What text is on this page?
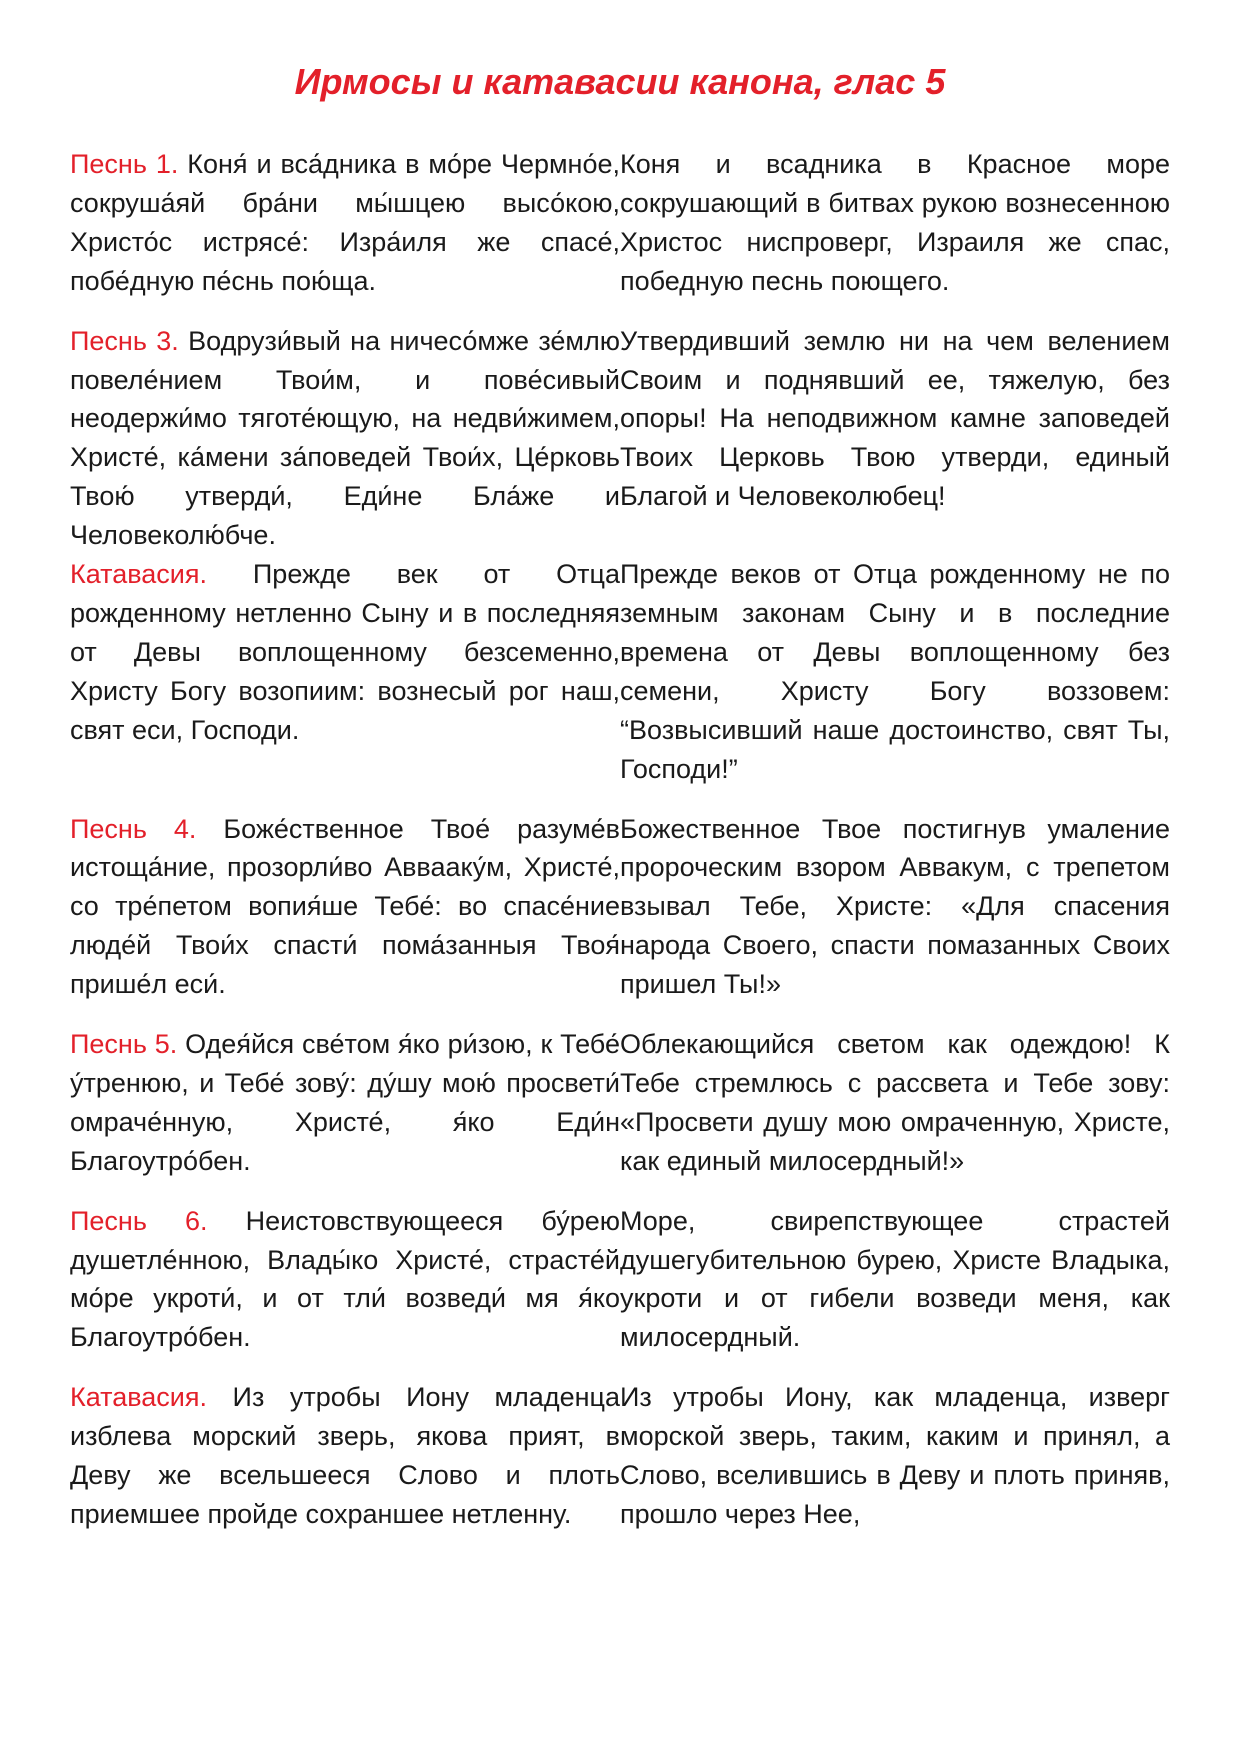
Ирмосы и катавасии канона, глас 5

Песнь 1. Коня́ и вса́дника в мо́ре Чермно́е, сокруша́яй бра́ни мы́шцею высо́кою, Христо́с истрясе́: Изра́иля же спасе́, побе́дную пе́снь пою́ща.

Коня и всадника в Красное море сокрушающий в битвах рукою вознесенною Христос ниспроверг, Израиля же спас, победную песнь поющего.

Песнь 3. Водрузи́вый на ничесо́мже зе́млю повеле́нием Твои́м, и пове́сивый неодержи́мо тяготе́ющую, на недви́жимем, Христе́, ка́мени за́поведей Твои́х, Це́рковь Твою́ утверди́, Еди́не Бла́же и Человеколю́бче.

Утвердивший землю ни на чем велением Своим и поднявший ее, тяжелую, без опоры! На неподвижном камне заповедей Твоих Церковь Твою утверди, единый Благой и Человеколюбец!

Катавасия. Прежде век от Отца рожденному нетленно Сыну и в последняя от Девы воплощенному безсеменно, Христу Богу возопиим: вознесый рог наш, свят еси, Господи.

Прежде веков от Отца рожденному не по земным законам Сыну и в последние времена от Девы воплощенному без семени, Христу Богу воззовем: “Возвысивший наше достоинство, свят Ты, Господи!”

Песнь 4. Боже́ственное Твое́ разуме́в истоща́ние, прозорли́во Аввааку́м, Христе́, со тре́петом вопия́ше Тебе́: во спасе́ние люде́й Твои́х спасти́ пома́занныя Твоя́ прише́л еси́.

Божественное Твое постигнув умаление пророческим взором Аввакум, с трепетом взывал Тебе, Христе: «Для спасения народа Своего, спасти помазанных Своих пришел Ты!»

Песнь 5. Одея́йся све́том я́ко ри́зою, к Тебе́ у́тренюю, и Тебе́ зову́: ду́шу мою́ просвети́ омраче́нную, Христе́, я́ко Еди́н Благоутро́бен.

Облекающийся светом как одеждою! К Тебе стремлюсь с рассвета и Тебе зову: «Просвети душу мою омраченную, Христе, как единый милосердный!»

Песнь 6. Неистовствующееся бу́рею душетле́нною, Влады́ко Христе́, страсте́й мо́ре укроти́, и от тли́ возведи́ мя я́ко Благоутро́бен.

Море, свирепствующее страстей душегубительною бурею, Христе Владыка, укроти и от гибели возведи меня, как милосердный.

Катавасия. Из утробы Иону младенца изблева морский зверь, якова прият, в Деву же всельшееся Слово и плоть приемшее пройде сохраншее нетленну.

Из утробы Иону, как младенца, изверг морской зверь, таким, каким и принял, а Слово, вселившись в Деву и плоть приняв, прошло через Нее,
